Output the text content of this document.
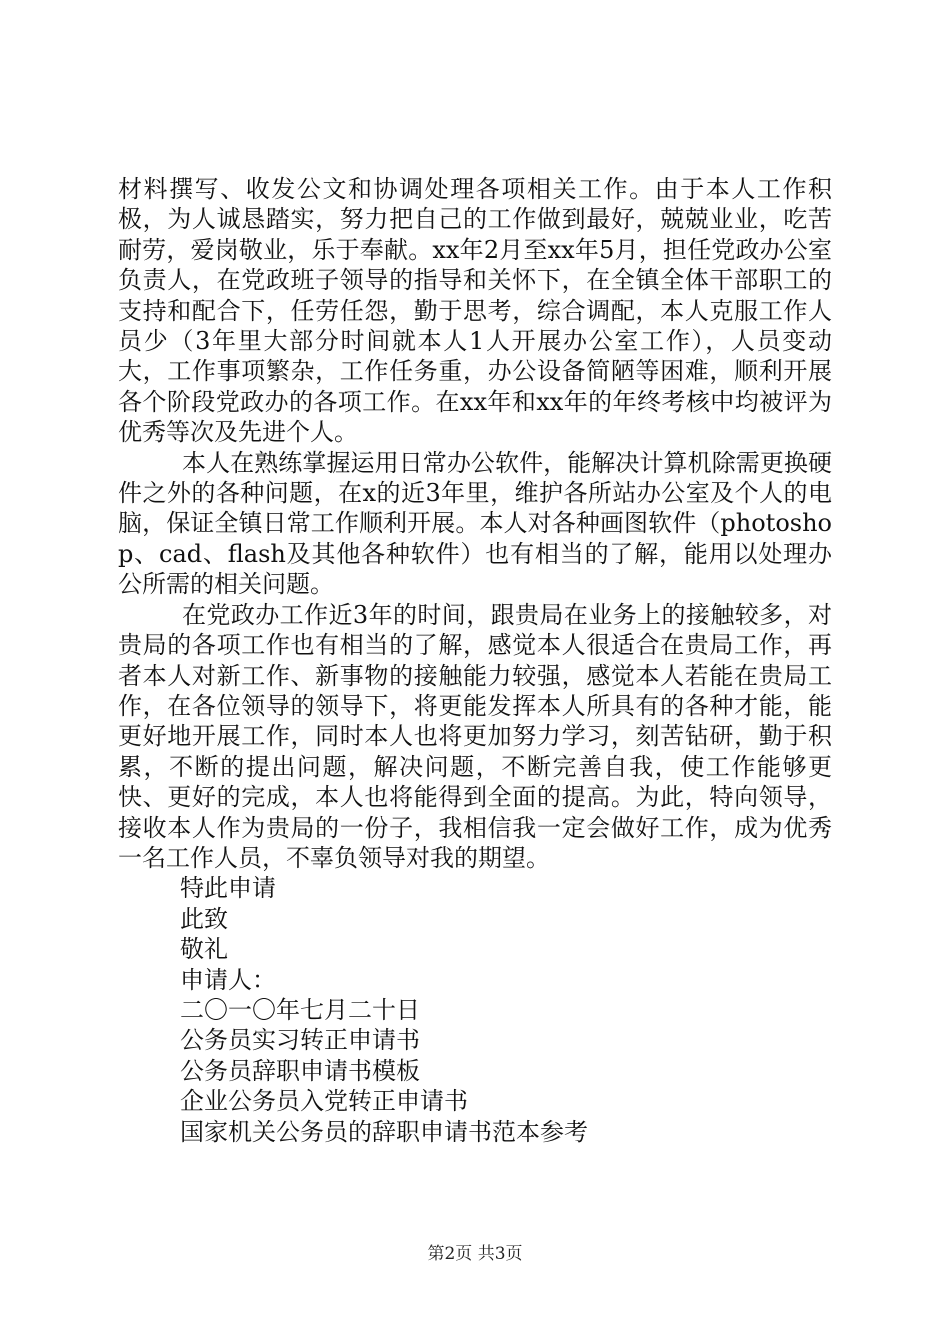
材料撰写、收发公文和协调处理各项相关工作。由于本人工作积极，为人诚恳踏实，努力把自己的工作做到最好，兢兢业业，吃苦耐劳，爱岗敬业，乐于奉献。xx年2月至xx年5月，担任党政办公室负责人，在党政班子领导的指导和关怀下，在全镇全体干部职工的支持和配合下，任劳任怨，勤于思考，综合调配，本人克服工作人员少（3年里大部分时间就本人1人开展办公室工作），人员变动大，工作事项繁杂，工作任务重，办公设备简陋等困难，顺利开展各个阶段党政办的各项工作。在xx年和xx年的年终考核中均被评为优秀等次及先进个人。

本人在熟练掌握运用日常办公软件，能解决计算机除需更换硬件之外的各种问题，在x的近3年里，维护各所站办公室及个人的电脑，保证全镇日常工作顺利开展。本人对各种画图软件（photoshop、cad、flash及其他各种软件）也有相当的了解，能用以处理办公所需的相关问题。

在党政办工作近3年的时间，跟贵局在业务上的接触较多，对贵局的各项工作也有相当的了解，感觉本人很适合在贵局工作，再者本人对新工作、新事物的接触能力较强，感觉本人若能在贵局工作，在各位领导的领导下，将更能发挥本人所具有的各种才能，能更好地开展工作，同时本人也将更加努力学习，刻苦钻研，勤于积累，不断的提出问题，解决问题，不断完善自我，使工作能够更快、更好的完成，本人也将能得到全面的提高。为此，特向领导，接收本人作为贵局的一份子，我相信我一定会做好工作，成为优秀一名工作人员，不辜负领导对我的期望。

特此申请

此致

敬礼

申请人：

二〇一〇年七月二十日

公务员实习转正申请书

公务员辞职申请书模板

企业公务员入党转正申请书

国家机关公务员的辞职申请书范本参考

第2页 共3页
